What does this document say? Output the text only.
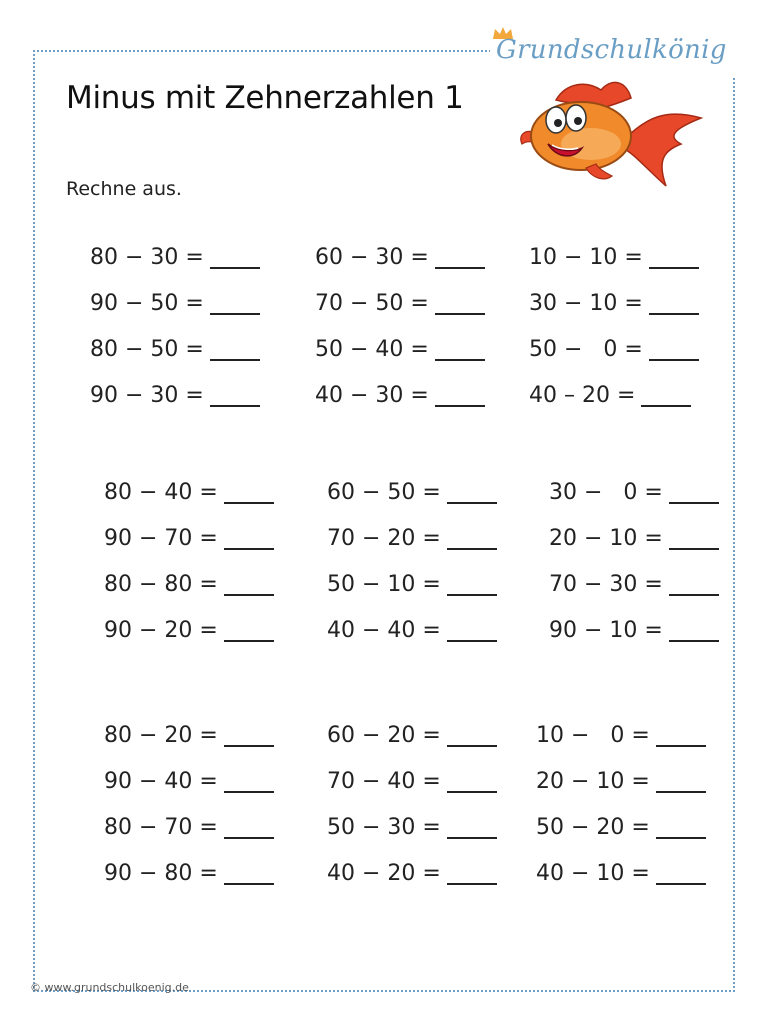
Grundschulkönig
Minus mit Zehnerzahlen 1
Rechne aus.
80 − 30 =
90 − 50 =
80 − 50 =
90 − 30 =
60 − 30 =
70 − 50 =
50 − 40 =
40 − 30 =
10 − 10 =
30 − 10 =
50 −   0 =
40 – 20 =
80 − 40 =
90 − 70 =
80 − 80 =
90 − 20 =
60 − 50 =
70 − 20 =
50 − 10 =
40 − 40 =
30 −   0 =
20 − 10 =
70 − 30 =
90 − 10 =
80 − 20 =
90 − 40 =
80 − 70 =
90 − 80 =
60 − 20 =
70 − 40 =
50 − 30 =
40 − 20 =
10 −   0 =
20 − 10 =
50 − 20 =
40 − 10 =
© www.grundschulkoenig.de
